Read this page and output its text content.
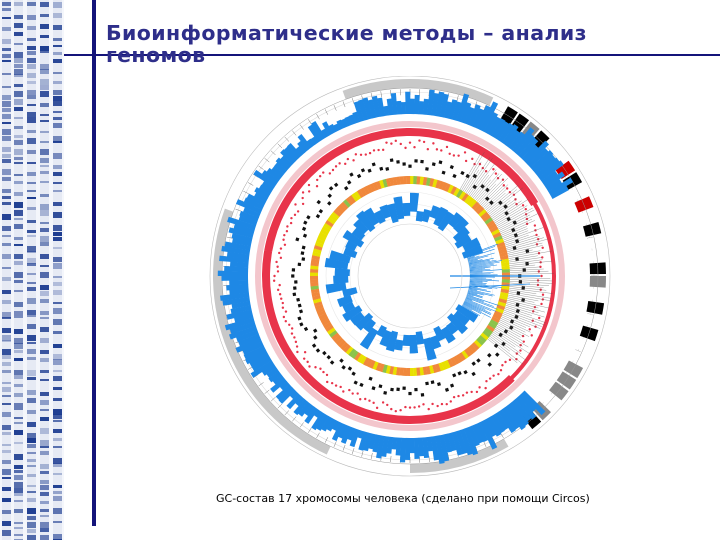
Биоинформатические методы – анализ
геномов
GC-состав 17 хромосомы человека (сделано при помощи Circos)
